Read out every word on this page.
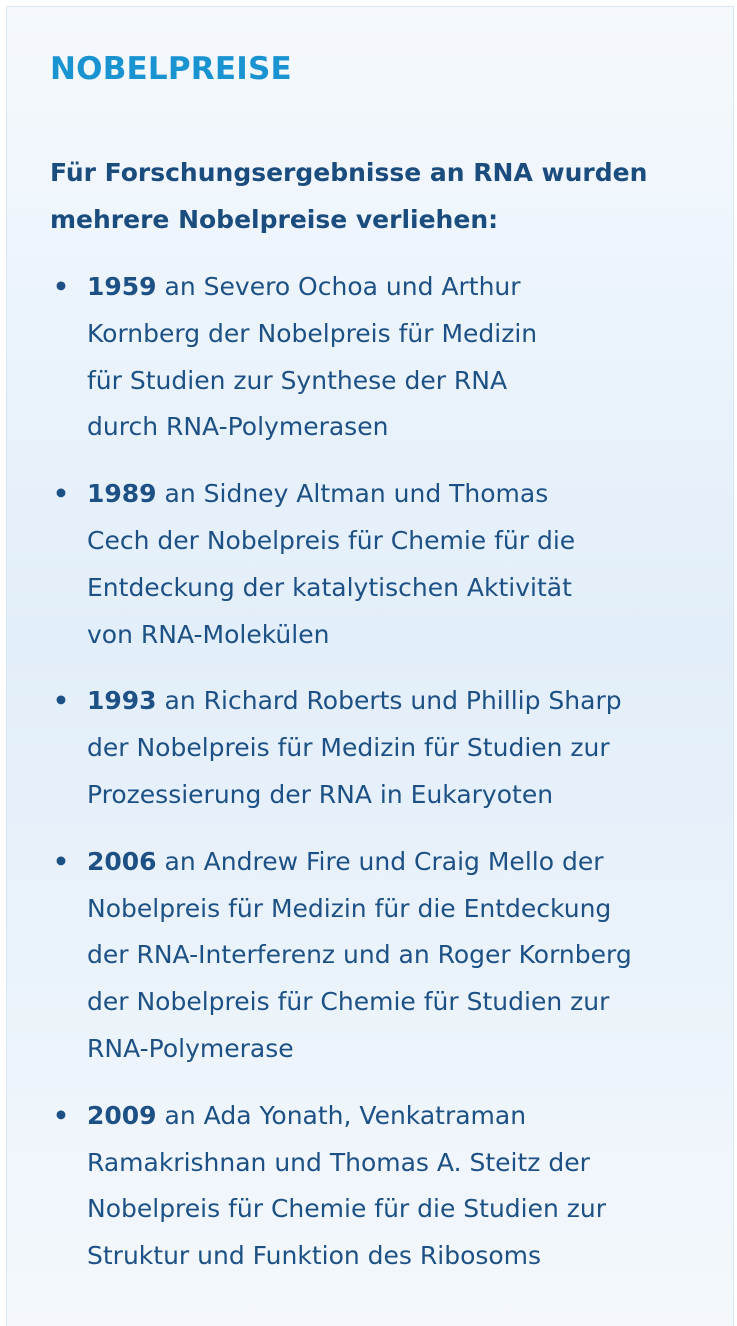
NOBELPREISE

Für Forschungsergebnisse an RNA wurden mehrere Nobelpreise verliehen:

• 1959 an Severo Ochoa und Arthur
Kornberg der Nobelpreis für Medizin
für Studien zur Synthese der RNA
durch RNA-Polymerasen
• 1989 an Sidney Altman und Thomas
Cech der Nobelpreis für Chemie für die
Entdeckung der katalytischen Aktivität
von RNA-Molekülen
• 1993 an Richard Roberts und Phillip Sharp
der Nobelpreis für Medizin für Studien zur
Prozessierung der RNA in Eukaryoten
• 2006 an Andrew Fire und Craig Mello der
Nobelpreis für Medizin für die Entdeckung
der RNA-Interferenz und an Roger Kornberg
der Nobelpreis für Chemie für Studien zur
RNA-Polymerase
• 2009 an Ada Yonath, Venkatraman
Ramakrishnan und Thomas A. Steitz der
Nobelpreis für Chemie für die Studien zur
Struktur und Funktion des Ribosoms
